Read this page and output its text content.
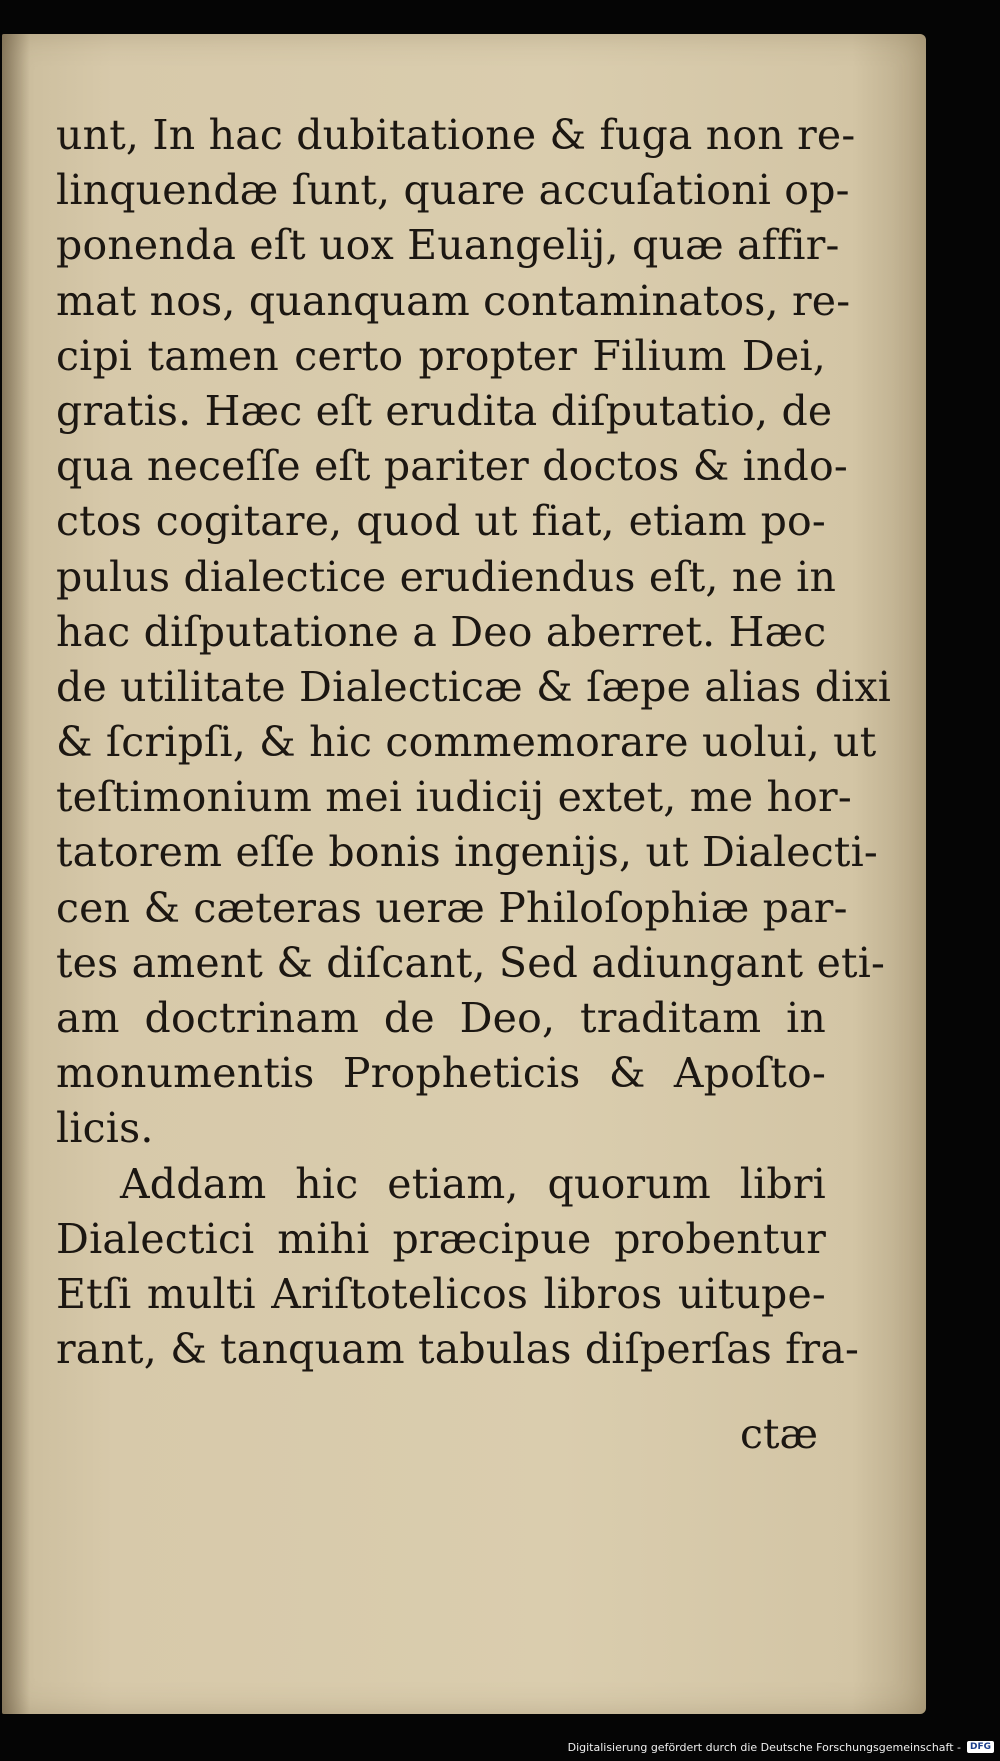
unt, In hac dubitatione & fuga non re-
linquendæ ſunt, quare accuſationi op-
ponenda eſt uox Euangelij, quæ affir-
mat nos, quanquam contaminatos, re-
cipi tamen certo propter Filium Dei,
gratis. Hæc eſt erudita diſputatio, de
qua neceſſe eſt pariter doctos & indo-
ctos cogitare, quod ut fiat, etiam po-
pulus dialectice erudiendus eſt, ne in
hac diſputatione a Deo aberret. Hæc
de utilitate Dialecticæ & ſæpe alias dixi
& ſcripſi, & hic commemorare uolui, ut
teſtimonium mei iudicij extet, me hor-
tatorem eſſe bonis ingenijs, ut Dialecti-
cen & cæteras ueræ Philoſophiæ par-
tes ament & diſcant, Sed adiungant eti-
am doctrinam de Deo, traditam in
monumentis Propheticis & Apoſto-
licis.
Addam hic etiam, quorum libri
Dialectici mihi præcipue probentur
Etſi multi Ariſtotelicos libros uitupe-
rant, & tanquam tabulas diſperſas fra-
ctæ
Digitalisierung gefördert durch die Deutsche Forschungsgemeinschaft -	DFG
